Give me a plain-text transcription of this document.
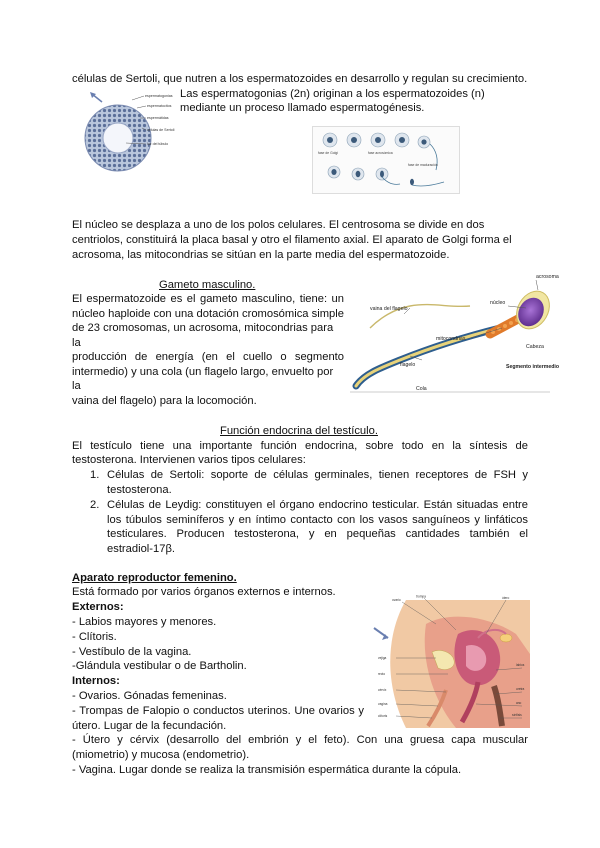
células de Sertoli, que nutren a los espermatozoides en desarrollo y regulan su crecimiento.
Las espermatogonias (2n) originan a los espermatozoides (n)
mediante un proceso llamado espermatogénesis.
espermatogonias
espermatocitos
espermátidas
células de Sertoli
luz del túbulo
fase de Golgi	fase acrosómica
fase de maduración
El núcleo se desplaza a uno de los polos celulares. El centrosoma se divide en dos
centriolos, constituirá la placa basal y otro el filamento axial. El aparato de Golgi forma el
acrosoma, las mitocondrias se sitúan en la parte media del espermatozoide.
Gameto masculino.
El espermatozoide es el gameto masculino, tiene: un
núcleo haploide con una dotación cromosómica simple
de 23 cromosomas, un acrosoma, mitocondrias para la
producción de energía (en el cuello o segmento
intermedio) y una cola (un flagelo largo, envuelto por la
vaina del flagelo) para la locomoción.
acrosoma
núcleo
vaina del flagelo
mitocondrias
Cabeza
flagelo	Segmento intermedio
Cola
Función endocrina del testículo.
El testículo tiene una importante función endocrina, sobre todo en la síntesis de
testosterona. Intervienen varios tipos celulares:
1. Células de Sertoli: soporte de células germinales, tienen receptores de FSH y
testosterona.
2. Células de Leydig: constituyen el órgano endocrino testicular. Están situadas entre
los túbulos seminíferos y en íntimo contacto con los vasos sanguíneos y linfáticos
testiculares. Producen testosterona, y en pequeñas cantidades también el
estradiol-17β.
Aparato reproductor femenino.
Está formado por varios órganos externos e internos.
Externos:
- Labios mayores y menores.
- Clítoris.
- Vestíbulo de la vagina.
-Glándula vestibular o de Bartholin.
Internos:
- Ovarios. Gónadas femeninas.
- Trompas de Falopio o conductos uterinos. Une ovarios y
útero. Lugar de la fecundación.
- Útero y cérvix (desarrollo del embrión y el feto). Con una gruesa capa muscular
(miometrio) y mucosa (endometrio).
- Vagina. Lugar donde se realiza la transmisión espermática durante la cópula.
ovario
trompa	útero
vejiga
recto
cérvix
vagina
clítoris
labios
uretra
ano
sínfisis
